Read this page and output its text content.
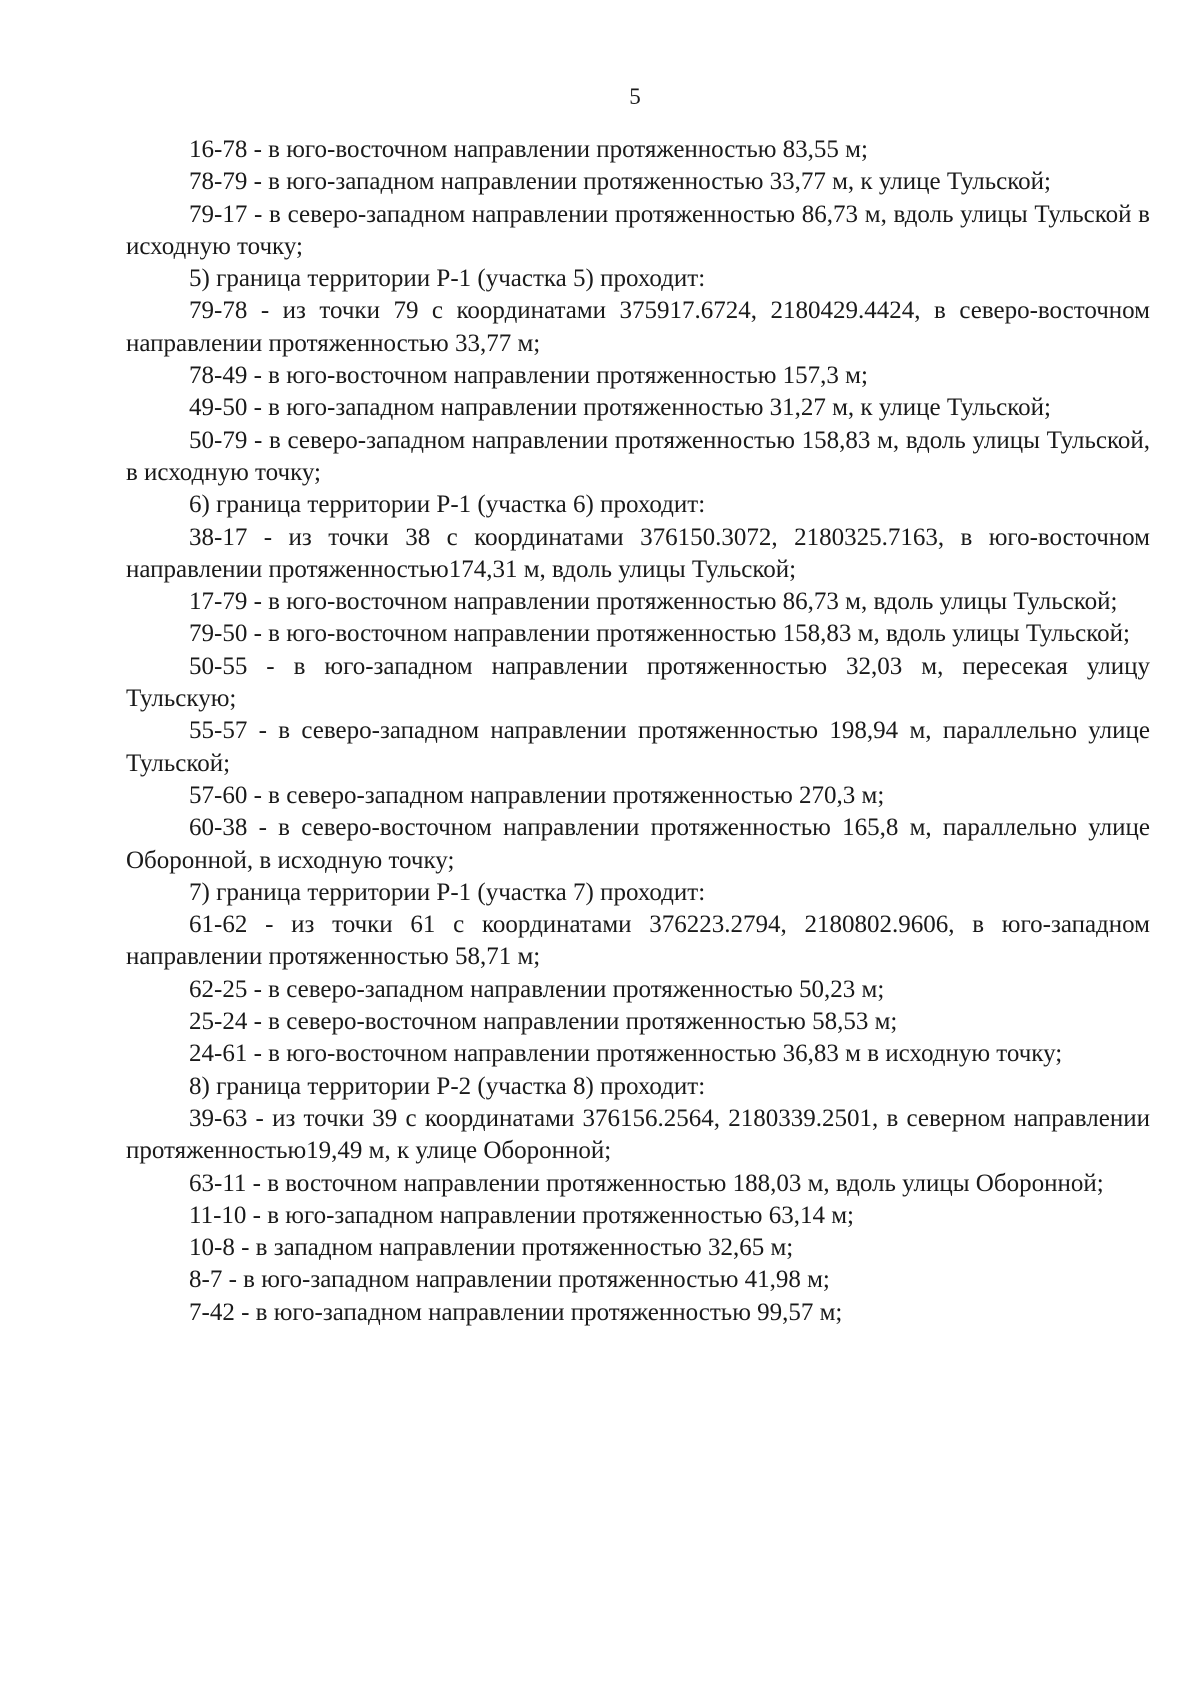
5

16-78 - в юго-восточном направлении протяженностью 83,55 м;

78-79 - в юго-западном направлении протяженностью 33,77 м, к улице Тульской;

79-17 - в северо-западном направлении протяженностью 86,73 м, вдоль улицы Тульской в исходную точку;

5) граница территории Р-1 (участка 5) проходит:

79-78 - из точки 79 с координатами 375917.6724, 2180429.4424, в северо-восточном направлении протяженностью 33,77 м;

78-49 - в юго-восточном направлении протяженностью 157,3 м;

49-50 - в юго-западном направлении протяженностью 31,27 м, к улице Тульской;

50-79 - в северо-западном направлении протяженностью 158,83 м, вдоль улицы Тульской, в исходную точку;

6) граница территории Р-1 (участка 6) проходит:

38-17 - из точки 38 с координатами 376150.3072, 2180325.7163, в юго-восточном направлении протяженностью174,31 м, вдоль улицы Тульской;

17-79 - в юго-восточном направлении протяженностью 86,73 м, вдоль улицы Тульской;

79-50 - в юго-восточном направлении протяженностью 158,83 м, вдоль улицы Тульской;

50-55 - в юго-западном направлении протяженностью 32,03 м, пересекая улицу Тульскую;

55-57 - в северо-западном направлении протяженностью 198,94 м, параллельно улице Тульской;

57-60 - в северо-западном направлении протяженностью 270,3 м;

60-38 - в северо-восточном направлении протяженностью 165,8 м, параллельно улице Оборонной, в исходную точку;

7) граница территории Р-1 (участка 7) проходит:

61-62 - из точки 61 с координатами 376223.2794, 2180802.9606, в юго-западном направлении протяженностью 58,71 м;

62-25 - в северо-западном направлении протяженностью 50,23 м;

25-24 - в северо-восточном направлении протяженностью 58,53 м;

24-61 - в юго-восточном направлении протяженностью 36,83 м в исходную точку;

8) граница территории Р-2 (участка 8) проходит:

39-63 - из точки 39 с координатами 376156.2564, 2180339.2501, в северном направлении протяженностью19,49 м, к улице Оборонной;

63-11 - в восточном направлении протяженностью 188,03 м, вдоль улицы Оборонной;

11-10 - в юго-западном направлении протяженностью 63,14 м;

10-8 - в западном направлении протяженностью 32,65 м;

8-7 - в юго-западном направлении протяженностью 41,98 м;

7-42 - в юго-западном направлении протяженностью 99,57 м;
